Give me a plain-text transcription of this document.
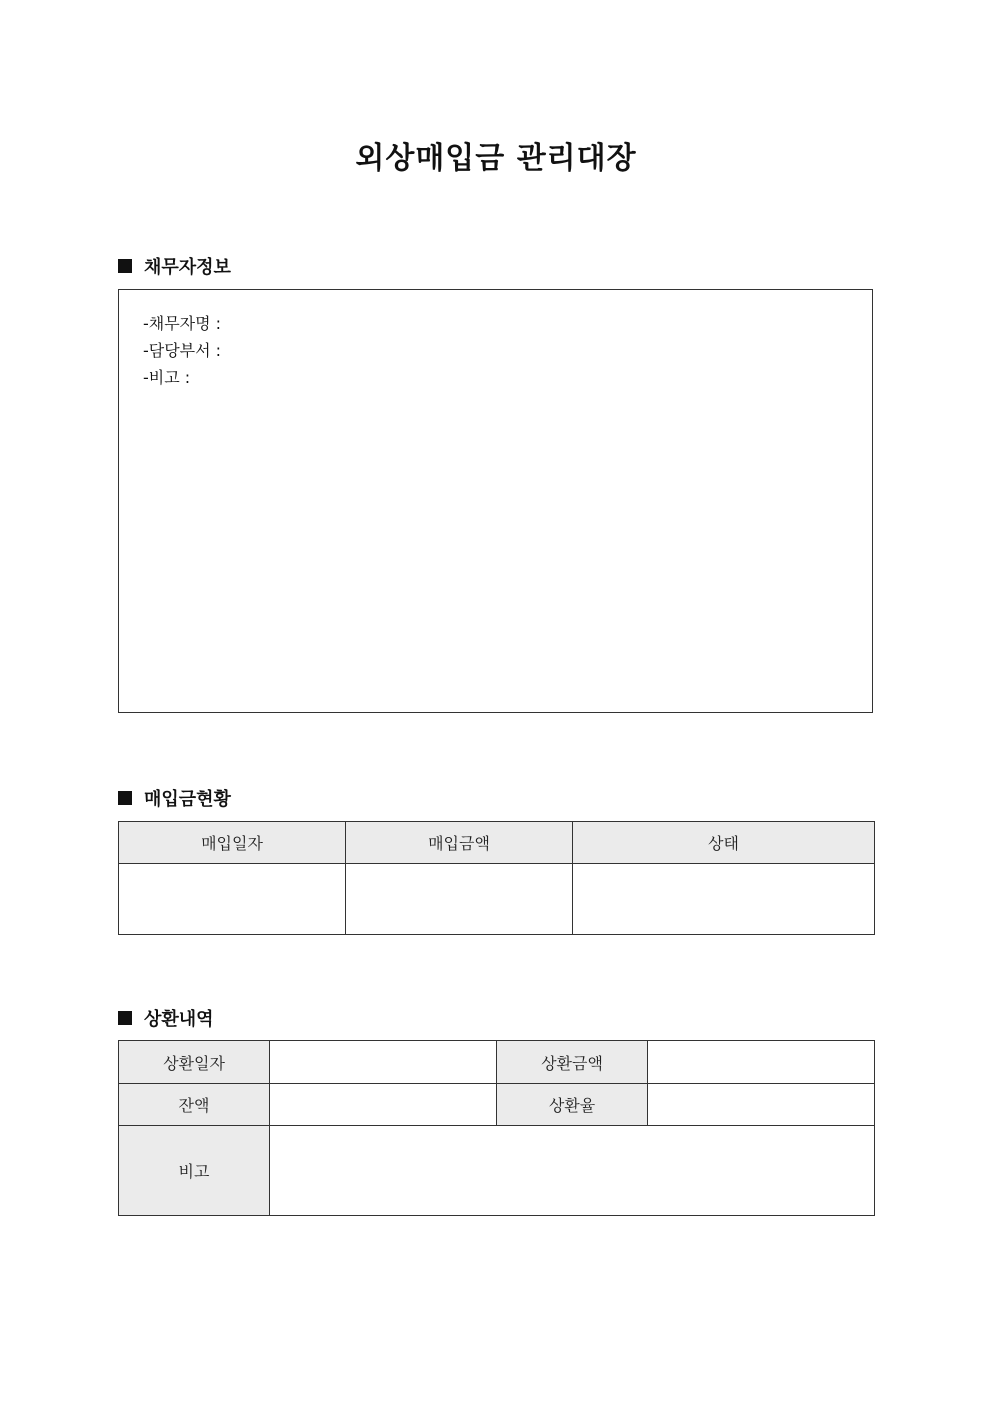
외상매입금 관리대장
채무자정보
-채무자명 :
-담당부서 :
-비고 :
매입금현황
매입일자	매입금액	상태

상환내역
상환일자		상환금액	
잔액		상환율	
비고			
